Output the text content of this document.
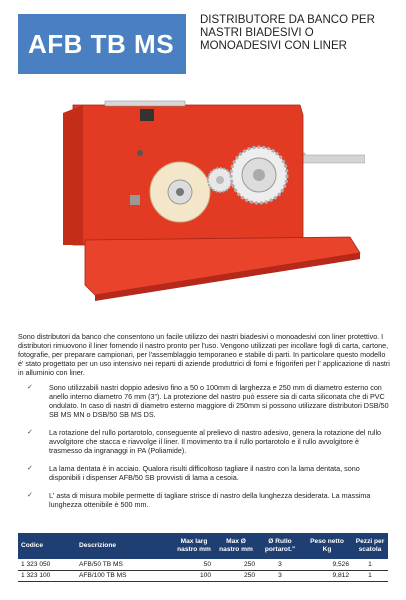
AFB TB MS
DISTRIBUTORE DA BANCO PER NASTRI BIADESIVI O MONOADESIVI CON LINER

Sono distributori da banco che consentono un facile utilizzo dei nastri biadesivi o monoadesivi con liner protettivo. I distributori rimuovono il liner fornendo il nastro pronto per l'uso. Vengono utilizzati per incollare fogli di carta, cartone, fotografie, per preparare campionari, per l'assemblaggio temporaneo e stabile di parti. In particolare questo modello é' stato progettato per un uso intensivo nei reparti di aziende produttrici di forni e frigoriferi per l' applicazione di nastri in alluminio con liner.

✓ Sono utilizzabili nastri doppio adesivo fino a 50 o 100mm di larghezza e 250 mm di diametro esterno con anello interno diametro 76 mm (3"). La protezione del nastro può essere sia di carta siliconata che di PVC ondulato. In caso di nastri di diametro esterno maggiore di 250mm si possono utilizzare distributori DSB/50 SB MS MN o DSB/50 SB MS DS.
✓ La rotazione del rullo portarotolo, conseguente al prelievo di nastro adesivo, genera la rotazione del rullo avvolgitore che stacca e riavvolge il liner. Il movimento tra il rullo portarotolo e il rullo avvolgitore è trasmesso da ingranaggi in PA (Poliamide).
✓ La lama dentata è in acciaio. Qualora risulti difficoltoso tagliare il nastro con la lama dentata, sono disponibili i dispenser AFB/50 SB provvisti di lama a cesoia.
✓ L' asta di misura mobile permette di tagliare strisce di nastro della lunghezza desiderata. La massima lunghezza ottenibile è 500 mm.
Codice	Descrizione	Max larg nastro mm	Max Ø nastro mm	Ø Rullo portarot."	Peso netto Kg	Pezzi per scatola
1 323 050	AFB/50 TB MS	50	250	3	9,526	1
1 323 100	AFB/100 TB MS	100	250	3	9,812	1
